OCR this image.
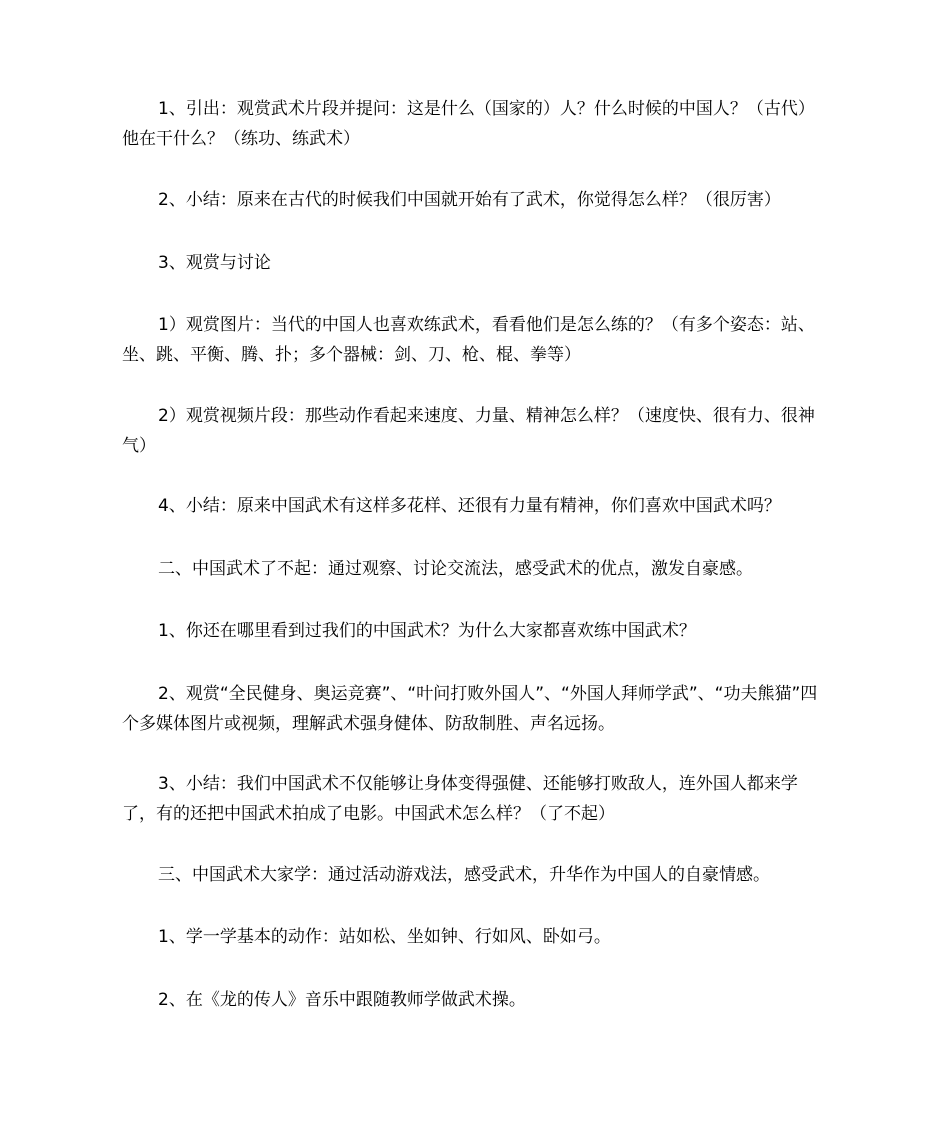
1、引出：观赏武术片段并提问：这是什么（国家的）人？什么时候的中国人？（古代）他在干什么？（练功、练武术）

2、小结：原来在古代的时候我们中国就开始有了武术，你觉得怎么样？（很厉害）

3、观赏与讨论

1）观赏图片：当代的中国人也喜欢练武术，看看他们是怎么练的？（有多个姿态：站、坐、跳、平衡、腾、扑；多个器械：剑、刀、枪、棍、拳等）

2）观赏视频片段：那些动作看起来速度、力量、精神怎么样？（速度快、很有力、很神气）

4、小结：原来中国武术有这样多花样、还很有力量有精神，你们喜欢中国武术吗？

二、中国武术了不起：通过观察、讨论交流法，感受武术的优点，激发自豪感。

1、你还在哪里看到过我们的中国武术？为什么大家都喜欢练中国武术？

2、观赏“全民健身、奥运竞赛”、“叶问打败外国人”、“外国人拜师学武”、“功夫熊猫”四个多媒体图片或视频，理解武术强身健体、防敌制胜、声名远扬。

3、小结：我们中国武术不仅能够让身体变得强健、还能够打败敌人，连外国人都来学了，有的还把中国武术拍成了电影。中国武术怎么样？（了不起）

三、中国武术大家学：通过活动游戏法，感受武术，升华作为中国人的自豪情感。

1、学一学基本的动作：站如松、坐如钟、行如风、卧如弓。

2、在《龙的传人》音乐中跟随教师学做武术操。
